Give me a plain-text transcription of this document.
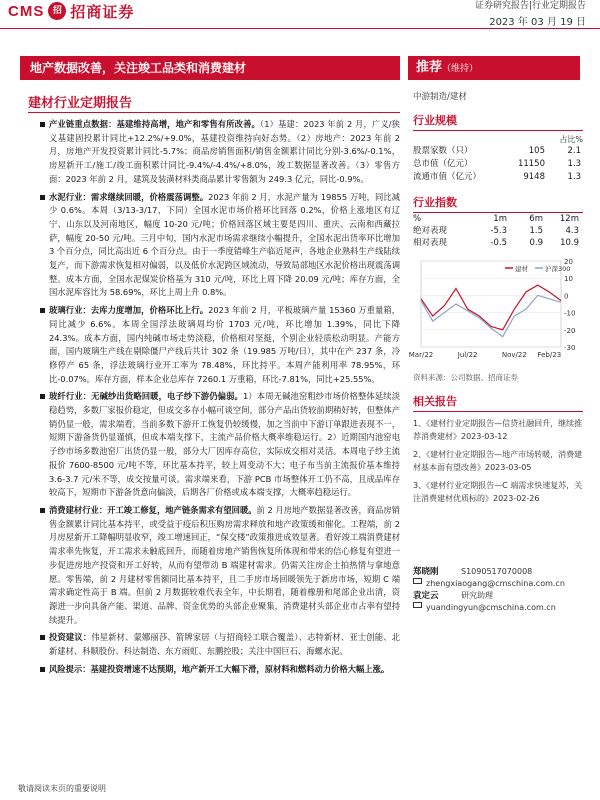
CMS 招 招商证券	证券研究报告|行业定期报告
2023 年 03 月 19 日
地产数据改善，关注竣工品类和消费建材	推荐（维持）
建材行业定期报告
产业链重点数据：基建维持高增，地产和零售有所改善。（1）基建：2023 年前 2 月，广义/狭义基建固投累计同比+12.2%/+9.0%，基建投资维持向好态势。（2）房地产：2023 年前 2 月，房地产开发投资累计同比-5.7%；商品房销售面积/销售金额累计同比分别-3.6%/-0.1%，房屋新开工/施工/竣工面积累计同比-9.4%/-4.4%/+8.0%，竣工数据显著改善。（3）零售方面：2023 年前 2 月，建筑及装潢材料类商品累计零售额为 249.3 亿元，同比-0.9%。
水泥行业：需求继续回暖，价格震荡调整。2023 年前 2 月，水泥产量为 19855 万吨，同比减少 0.6%。本周（3/13-3/17，下同）全国水泥市场价格环比回落 0.2%，价格上涨地区有辽宁、山东以及河南地区，幅度 10-20 元/吨；价格回落区域主要是四川、重庆、云南和西藏拉萨，幅度 20-50 元/吨。三月中旬，国内水泥市场需求继续小幅提升，全国水泥出货率环比增加 3 个百分点，同比高出近 6 个百分点。由于一季度错峰生产临近尾声，各地企业熟料生产线陆续复产，而下游需求恢复相对偏弱，以及低价水泥跨区域流动，导致局部地区水泥价格出现震荡调整。成本方面，全国水泥煤炭价格基为 310 元/吨，环比上周下降 20.09 元/吨；库存方面，全国水泥库容比为 58.69%，环比上周上升 0.8%。
玻璃行业：去库力度增加，价格环比上行。2023 年前 2 月，平板玻璃产量 15360 万重量箱，同比减少 6.6%。本周全国浮法玻璃周均价 1703 元/吨，环比增加 1.39%，同比下降 24.3%。成本方面，国内纯碱市场走势淡稳，价格相对坚挺，个别企业轻质松动明显。产能方面，国内玻璃生产线在剔除僵尸产线后共计 302 条（19.985 万吨/日），其中在产 237 条，冷修停产 65 条，浮法玻璃行业开工率为 78.48%，环比持平。本周产能利用率 78.95%，环比-0.07%。库存方面，样本企业总库存 7260.1 万重箱，环比-7.81%，同比+25.55%。
玻纤行业：无碱纱出货略回暖，电子纱下游仍偏弱。1）本周无碱池窑粗纱市场价格整体延续淡稳趋势，多数厂家报价稳定，但成交多存小幅可谈空间，部分产品出货较前期稍好转，但整体产销仍显一般，需求端看，当前多数下游开工恢复仍较缓慢，加之当前中下游订单跟进表现不一，短期下游备货仍显谨慎，但成本端支撑下，主流产品价格大概率维稳运行。2）近期国内池窑电子纱市场多数池窑厂出货仍显一般，部分大厂因库存高位，实际成交相对灵活。本周电子纱主流报价 7600-8500 元/吨不等，环比基本持平，较上周变动不大；电子布当前主流报价基本维持 3.6-3.7 元/米不等，成交按量可谈。需求端来看，下游 PCB 市场整体开工仍不高，且成品库存较高下，短期市下游备货意向偏淡，后期各厂价格或成本端支撑，大概率趋稳运行。
消费建材行业：开工竣工修复，地产链条需求有望回暖。前 2 月房地产数据显著改善，商品房销售金额累计同比基本持平，或受益于疫后积压购房需求释放和地产政策缓和催化。工程端，前 2 月房屋新开工降幅明显收窄，竣工增速回正，“保交楼”政策推进成效显著。看好竣工端消费建材需求率先恢复，开工需求未触底回升，而随着房地产销售恢复所体现和带来的信心修复有望进一步促进房地产投资和开工好转，从而有望带动 B 端建材需求。仍需关注房企土拍热情与拿地意愿。零售端，前 2 月建材零售额同比基本持平，且二手房市场回暖领先于新房市场，短期 C 端需求确定性高于 B 端。但前 2 月数据较难代表全年，中长期看，随着橡册和尾部企业出清，资源进一步向具备产能、渠道、品牌、资金优势的头部企业聚集，消费建材头部企业市占率有望持续提升。
投资建议：伟星新材、蒙娜丽莎、箭牌家居（与招商轻工联合覆盖）、志特新材、亚士创能、北新建材、科顺股份、科达制造、东方雨虹、东鹏控股；关注中国巨石、海螺水泥。
风险提示：基建投资增速不达预期，地产新开工大幅下滑，原材料和燃料动力价格大幅上涨。
中游制造/建材
行业规模
占比%
股票家数（只）	105	2.1
总市值（亿元）	11150	1.3
流通市值（亿元）	9148	1.3
行业指数
%	1m	6m	12m
绝对表现	-5.3	1.5	4.3
相对表现	-0.5	0.9	10.9
20
10
0
-10
-20
-30
Mar/22	Jul/22	Nov/22 Feb/23
建材	沪深300
资料来源：公司数据、招商证券
相关报告
1、《建材行业定期报告—信贷社融回升，继续推荐消费建材》2023-03-12
2、《建材行业定期报告—地产市场转暖，消费建材基本面有望改善》2023-03-05
3、《建材行业定期报告—C 端需求快速复苏，关注消费建材优质标的》2023-02-26
郑晓刚	S1090517070008
zhengxiaogang@cmschina.com.cn
袁定云	研究助理
yuandingyun@cmschina.com.cn
敬请阅读末页的重要说明
